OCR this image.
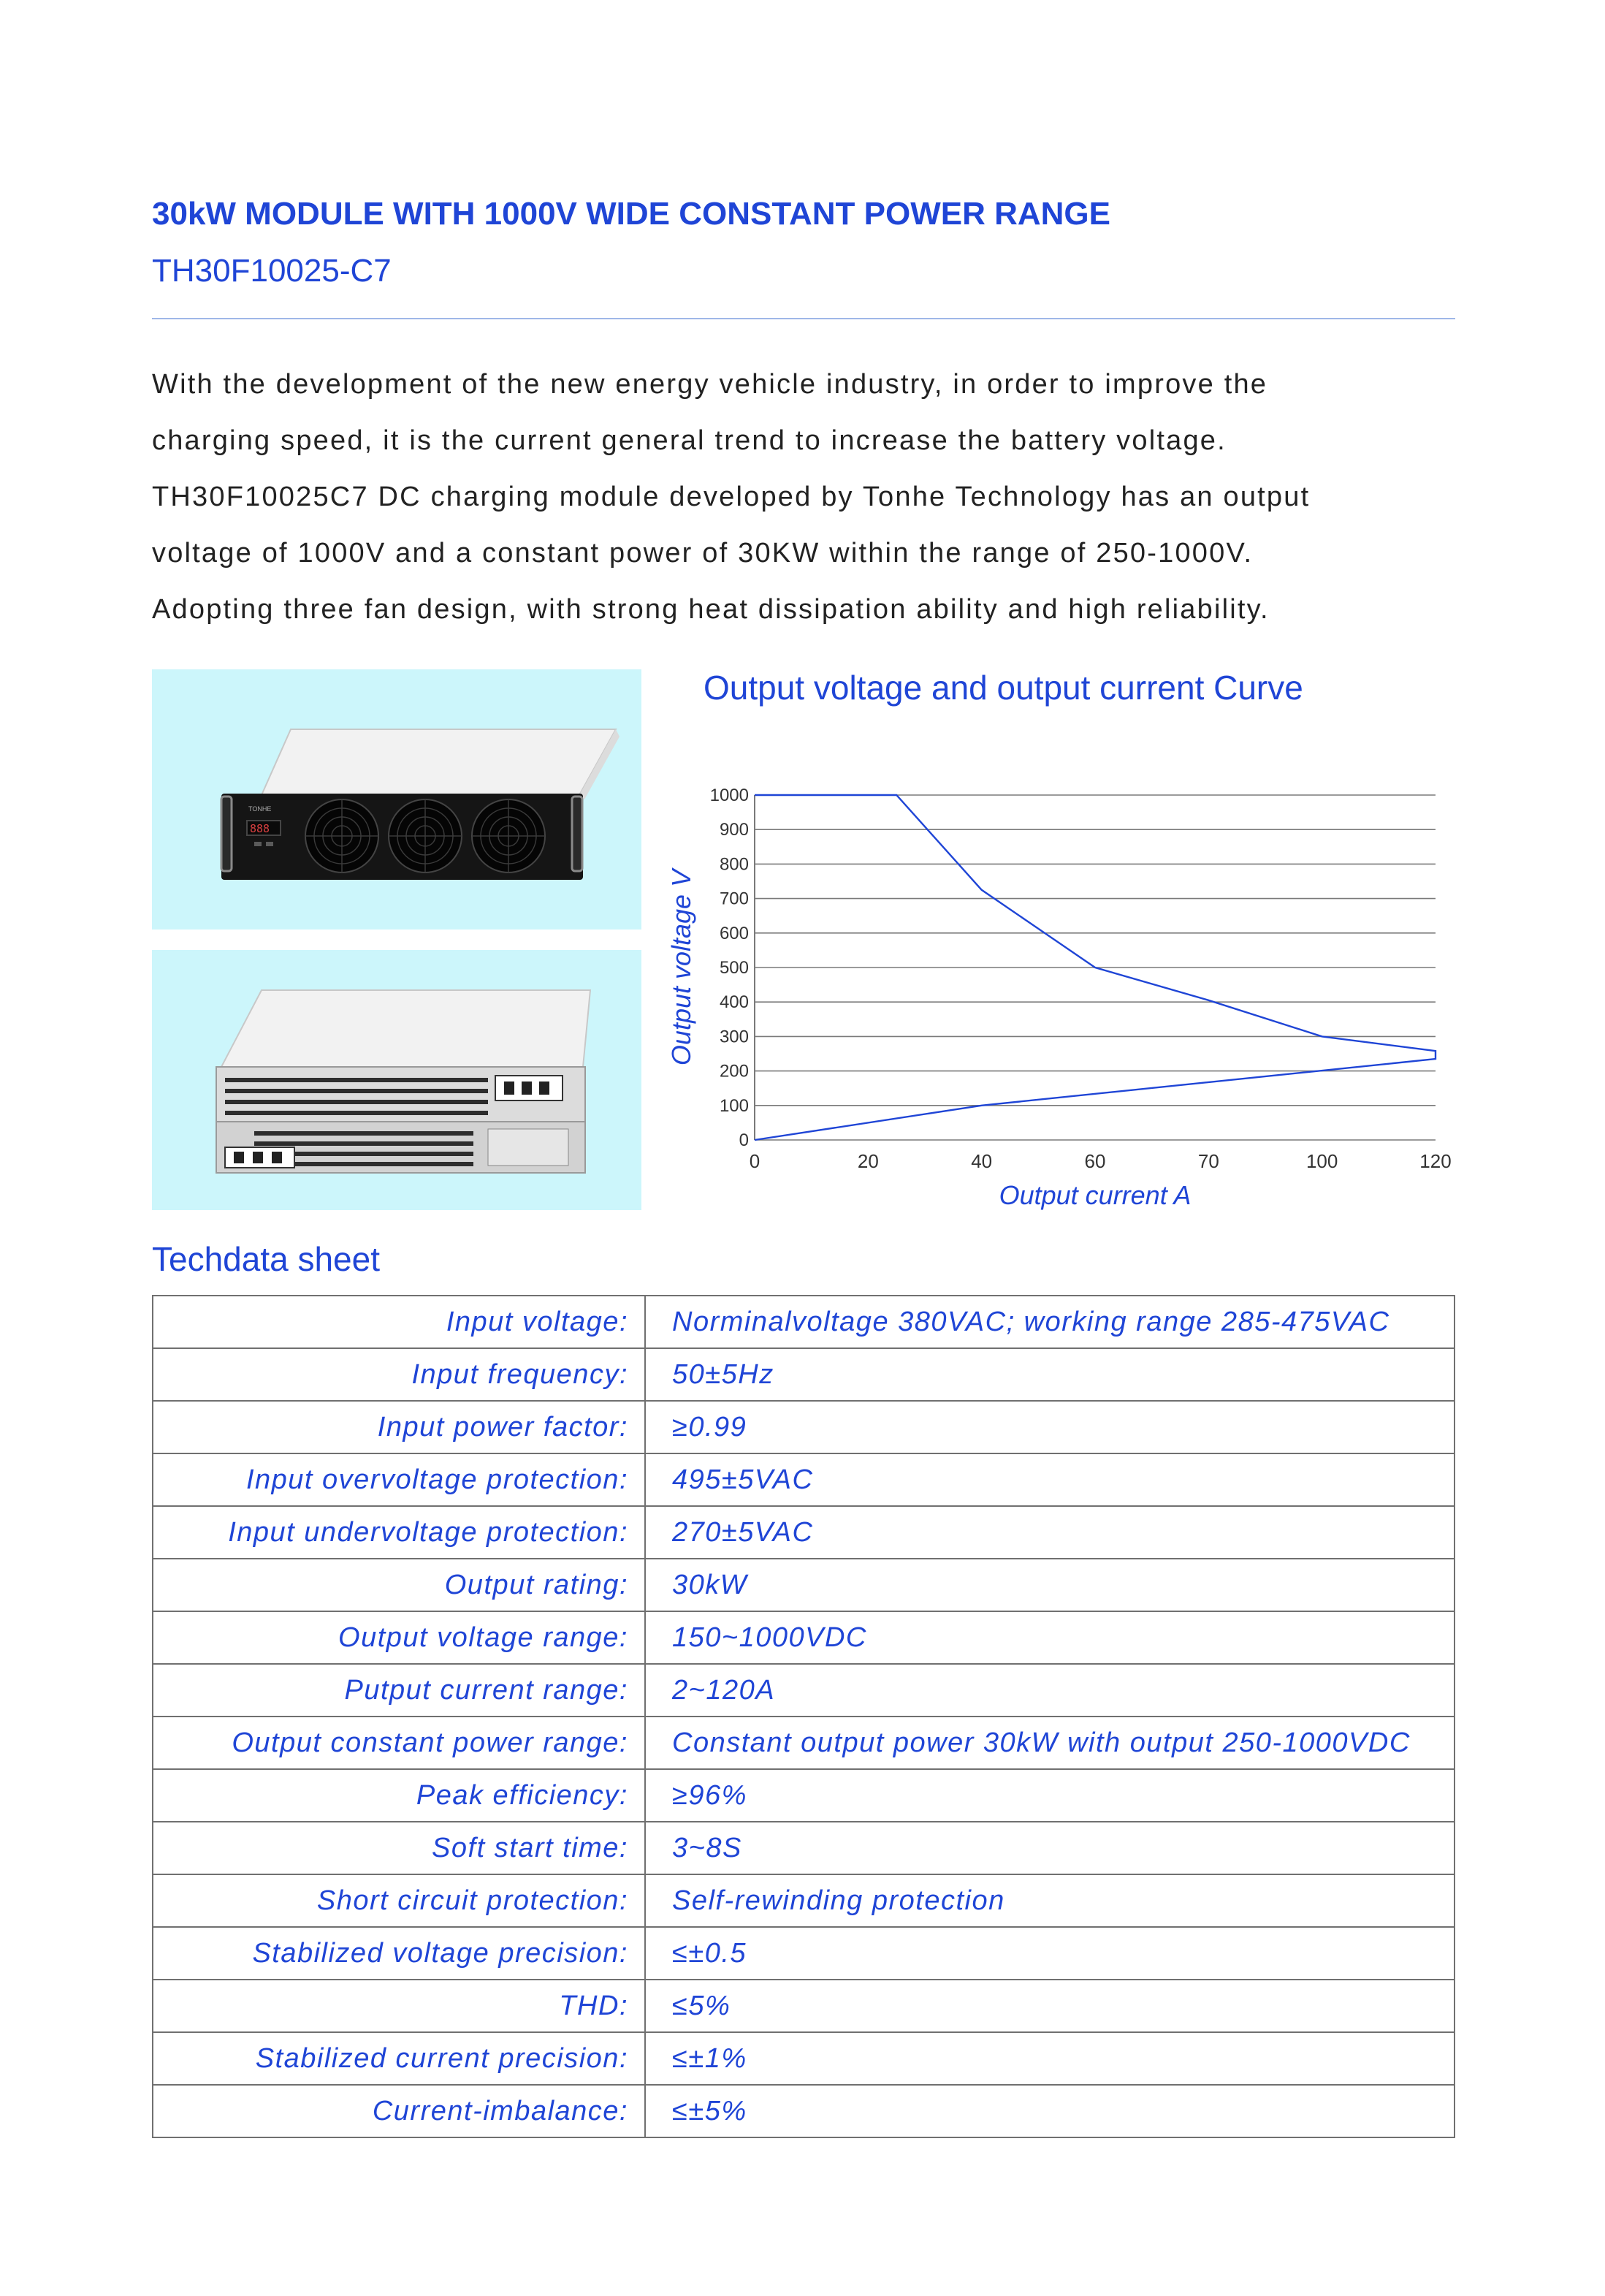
30kW MODULE WITH 1000V WIDE CONSTANT POWER RANGE
TH30F10025-C7

With the development of the new energy vehicle industry, in order to improve the

charging speed, it is the current general trend to increase the battery voltage.

TH30F10025C7 DC charging module developed by Tonhe Technology has an output

voltage of 1000V and a constant power of 30KW within the range of 250-1000V.

Adopting three fan design, with strong heat dissipation ability and high reliability.

888
TONHE
Output voltage and output current Curve
0
100
200
300
400
500
600
700
800
900
1000
0	20	40	60	70	100	120
Output voltage V
Output current A
Techdata sheet
Input voltage:	Norminalvoltage 380VAC; working range 285-475VAC
Input frequency:	50±5Hz
Input power factor:	≥0.99
Input overvoltage protection:	495±5VAC
Input undervoltage protection:	270±5VAC
Output rating:	30kW
Output voltage range:	150~1000VDC
Putput current range:	2~120A
Output constant power range:	Constant output power 30kW with output 250-1000VDC
Peak efficiency:	≥96%
Soft start time:	3~8S
Short circuit protection:	Self-rewinding protection
Stabilized voltage precision:	≤±0.5
THD:	≤5%
Stabilized current precision:	≤±1%
Current-imbalance:	≤±5%
